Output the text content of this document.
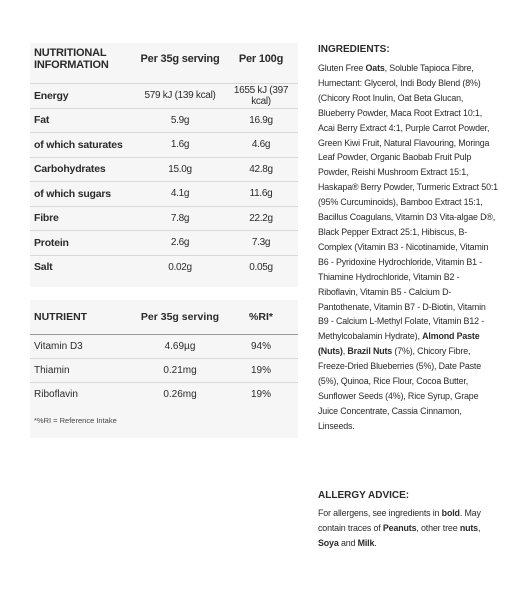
NUTRITIONAL INFORMATION	Per 35g serving	Per 100g
Energy	579 kJ (139 kcal)	1655 kJ (397 kcal)
Fat	5.9g	16.9g
of which saturates	1.6g	4.6g
Carbohydrates	15.0g	42.8g
of which sugars	4.1g	11.6g
Fibre	7.8g	22.2g
Protein	2.6g	7.3g
Salt	0.02g	0.05g
NUTRIENT	Per 35g serving	%RI*
Vitamin D3	4.69µg	94%
Thiamin	0.21mg	19%
Riboflavin	0.26mg	19%
*%RI = Reference Intake
INGREDIENTS:
Gluten Free Oats, Soluble Tapioca Fibre, Humectant: Glycerol, Indi Body Blend (8%) (Chicory Root Inulin, Oat Beta Glucan, Blueberry Powder, Maca Root Extract 10:1, Acai Berry Extract 4:1, Purple Carrot Powder, Green Kiwi Fruit, Natural Flavouring, Moringa Leaf Powder, Organic Baobab Fruit Pulp Powder, Reishi Mushroom Extract 15:1, Haskapa® Berry Powder, Turmeric Extract 50:1 (95% Curcuminoids), Bamboo Extract 15:1, Bacillus Coagulans, Vitamin D3 Vita-algae D®, Black Pepper Extract 25:1, Hibiscus, B-Complex (Vitamin B3 - Nicotinamide, Vitamin B6 - Pyridoxine Hydrochloride, Vitamin B1 - Thiamine Hydrochloride, Vitamin B2 -Riboflavin, Vitamin B5 - Calcium D-Pantothenate, Vitamin B7 - D-Biotin, Vitamin B9 - Calcium L-Methyl Folate, Vitamin B12 - Methylcobalamin Hydrate), Almond Paste (Nuts), Brazil Nuts (7%), Chicory Fibre, Freeze-Dried Blueberries (5%), Date Paste (5%), Quinoa, Rice Flour, Cocoa Butter, Sunflower Seeds (4%), Rice Syrup, Grape Juice Concentrate, Cassia Cinnamon, Linseeds.
ALLERGY ADVICE:
For allergens, see ingredients in bold. May contain traces of Peanuts, other tree nuts, Soya and Milk.
